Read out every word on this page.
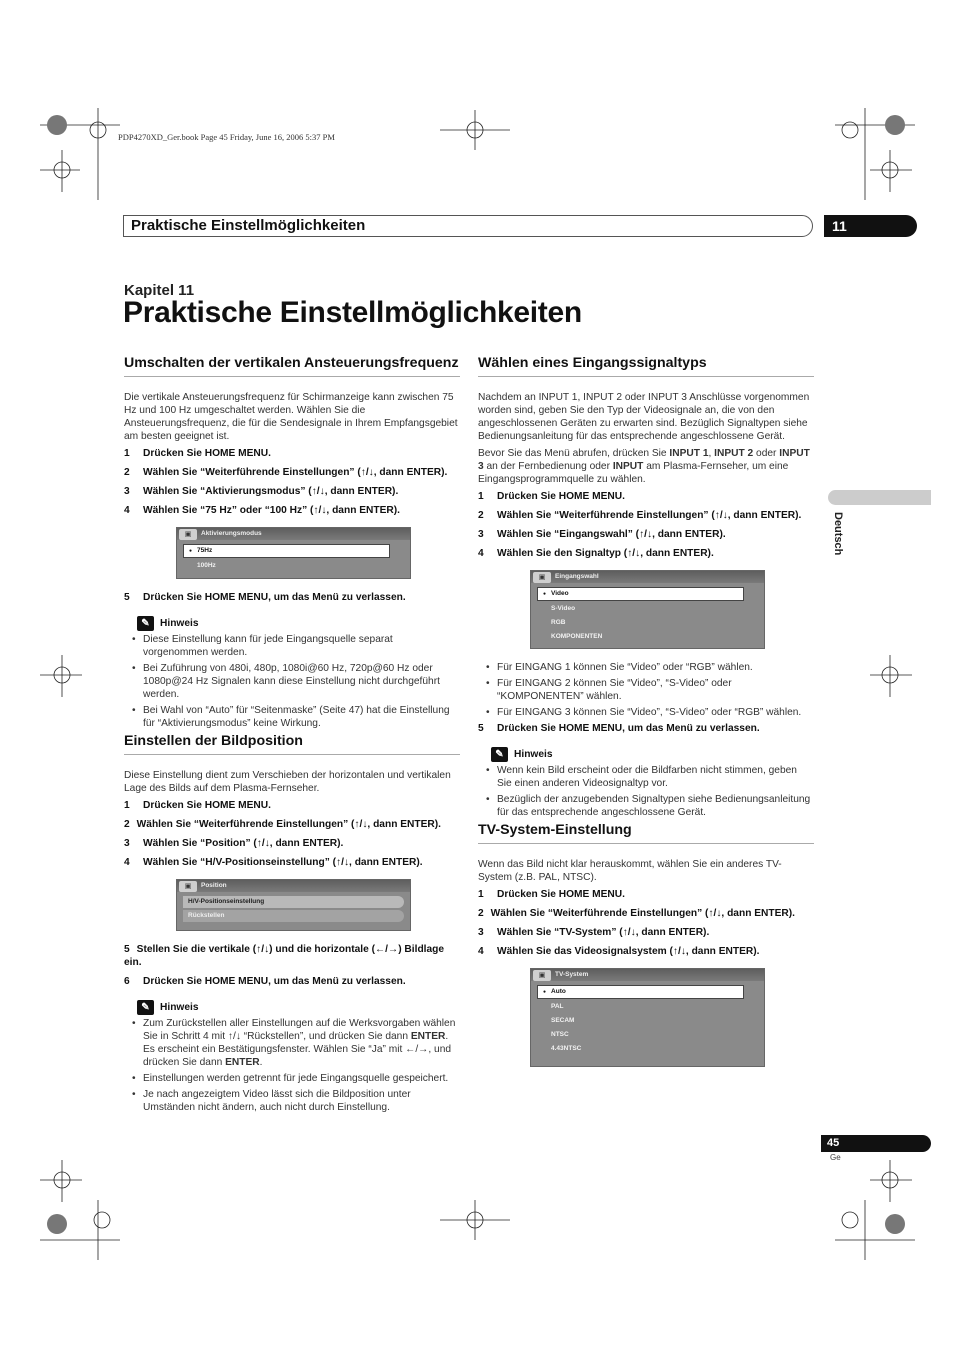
PDP4270XD_Ger.book Page 45 Friday, June 16, 2006 5:37 PM
Praktische Einstellmöglichkeiten	11
Kapitel 11
Praktische Einstellmöglichkeiten
Umschalten der vertikalen Ansteuerungsfrequenz

Die vertikale Ansteuerungsfrequenz für Schirmanzeige kann zwischen 75 Hz und 100 Hz umgeschaltet werden. Wählen Sie die Ansteuerungsfrequenz, die für die Sendesignale in Ihrem Empfangsgebiet am besten geeignet ist.

1 Drücken Sie HOME MENU.
2 Wählen Sie “Weiterführende Einstellungen” (↑/↓, dann ENTER).
3 Wählen Sie “Aktivierungsmodus” (↑/↓, dann ENTER).
4 Wählen Sie “75 Hz” oder “100 Hz” (↑/↓, dann ENTER).
▣	Aktivierungsmodus
● 75Hz
100Hz
5 Drücken Sie HOME MENU, um das Menü zu verlassen.
✎	Hinweis
• Diese Einstellung kann für jede Eingangsquelle separat vorgenommen werden.
• Bei Zuführung von 480i, 480p, 1080i@60 Hz, 720p@60 Hz oder 1080p@24 Hz Signalen kann diese Einstellung nicht durchgeführt werden.
• Bei Wahl von “Auto” für “Seitenmaske” (Seite 47) hat die Einstellung für “Aktivierungsmodus” keine Wirkung.
Einstellen der Bildposition

Diese Einstellung dient zum Verschieben der horizontalen und vertikalen Lage des Bilds auf dem Plasma-Fernseher.

1 Drücken Sie HOME MENU.
2 Wählen Sie “Weiterführende Einstellungen” (↑/↓, dann ENTER).
3 Wählen Sie “Position” (↑/↓, dann ENTER).
4 Wählen Sie “H/V-Positionseinstellung” (↑/↓, dann ENTER).
▣	Position
H/V-Positionseinstellung
Rückstellen
5 Stellen Sie die vertikale (↑/↓) und die horizontale (←/→) Bildlage ein.
6 Drücken Sie HOME MENU, um das Menü zu verlassen.
✎	Hinweis
• Zum Zurückstellen aller Einstellungen auf die Werksvorgaben wählen Sie in Schritt 4 mit ↑/↓ “Rückstellen”, und drücken Sie dann ENTER. Es erscheint ein Bestätigungsfenster. Wählen Sie “Ja” mit ←/→, und drücken Sie dann ENTER.
• Einstellungen werden getrennt für jede Eingangsquelle gespeichert.
• Je nach angezeigtem Video lässt sich die Bildposition unter Umständen nicht ändern, auch nicht durch Einstellung.
Wählen eines Eingangssignaltyps

Nachdem an INPUT 1, INPUT 2 oder INPUT 3 Anschlüsse vorgenommen worden sind, geben Sie den Typ der Videosignale an, die von den angeschlossenen Geräten zu erwarten sind. Bezüglich Signaltypen siehe Bedienungsanleitung für das entsprechende angeschlossene Gerät.

Bevor Sie das Menü abrufen, drücken Sie INPUT 1, INPUT 2 oder INPUT 3 an der Fernbedienung oder INPUT am Plasma-Fernseher, um eine Eingangsprogrammquelle zu wählen.

1 Drücken Sie HOME MENU.
2 Wählen Sie “Weiterführende Einstellungen” (↑/↓, dann ENTER).
3 Wählen Sie “Eingangswahl” (↑/↓, dann ENTER).
4 Wählen Sie den Signaltyp (↑/↓, dann ENTER).
▣	Eingangswahl
● Video
S-Video
RGB
KOMPONENTEN
• Für EINGANG 1 können Sie “Video” oder “RGB” wählen.
• Für EINGANG 2 können Sie “Video”, “S-Video” oder “KOMPONENTEN” wählen.
• Für EINGANG 3 können Sie “Video”, “S-Video” oder “RGB” wählen.
5 Drücken Sie HOME MENU, um das Menü zu verlassen.
✎	Hinweis
• Wenn kein Bild erscheint oder die Bildfarben nicht stimmen, geben Sie einen anderen Videosignaltyp vor.
• Bezüglich der anzugebenden Signaltypen siehe Bedienungsanleitung für das entsprechende angeschlossene Gerät.
TV-System-Einstellung

Wenn das Bild nicht klar herauskommt, wählen Sie ein anderes TV-System (z.B. PAL, NTSC).

1 Drücken Sie HOME MENU.
2 Wählen Sie “Weiterführende Einstellungen” (↑/↓, dann ENTER).
3 Wählen Sie “TV-System” (↑/↓, dann ENTER).
4 Wählen Sie das Videosignalsystem (↑/↓, dann ENTER).
▣	TV-System
● Auto
PAL
SECAM
NTSC
4.43NTSC
Deutsch
45
Ge
